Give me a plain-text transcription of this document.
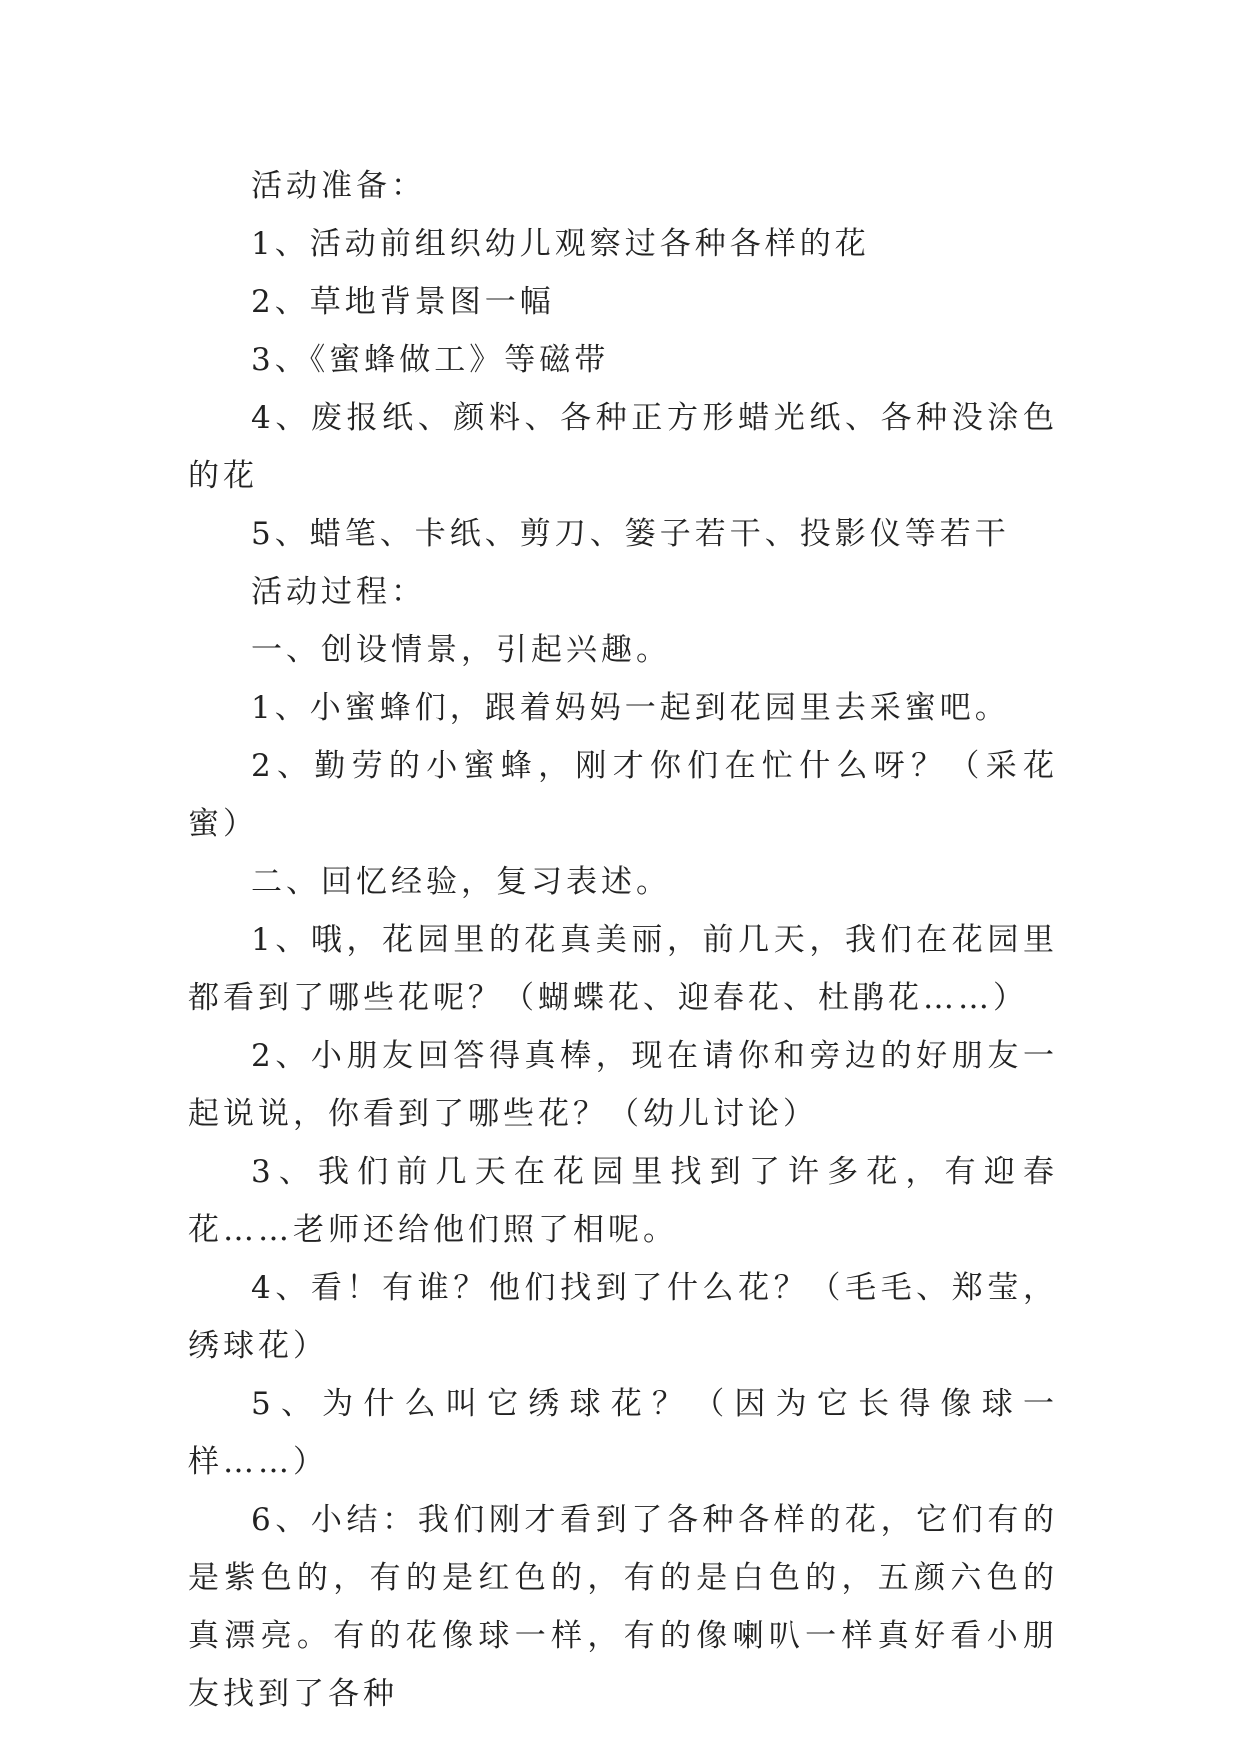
活动准备：

1、活动前组织幼儿观察过各种各样的花

2、草地背景图一幅

3、《蜜蜂做工》等磁带

4、废报纸、颜料、各种正方形蜡光纸、各种没涂色的花

5、蜡笔、卡纸、剪刀、篓子若干、投影仪等若干

活动过程：

一、创设情景，引起兴趣。

1、小蜜蜂们，跟着妈妈一起到花园里去采蜜吧。

2、勤劳的小蜜蜂，刚才你们在忙什么呀？（采花蜜）

二、回忆经验，复习表述。

1、哦，花园里的花真美丽，前几天，我们在花园里都看到了哪些花呢？（蝴蝶花、迎春花、杜鹃花……）

2、小朋友回答得真棒，现在请你和旁边的好朋友一起说说，你看到了哪些花？（幼儿讨论）

3、我们前几天在花园里找到了许多花，有迎春花……老师还给他们照了相呢。

4、看！有谁？他们找到了什么花？（毛毛、郑莹，绣球花）

5、为什么叫它绣球花？（因为它长得像球一样……）

6、小结：我们刚才看到了各种各样的花，它们有的是紫色的，有的是红色的，有的是白色的，五颜六色的真漂亮。有的花像球一样，有的像喇叭一样真好看小朋友找到了各种
